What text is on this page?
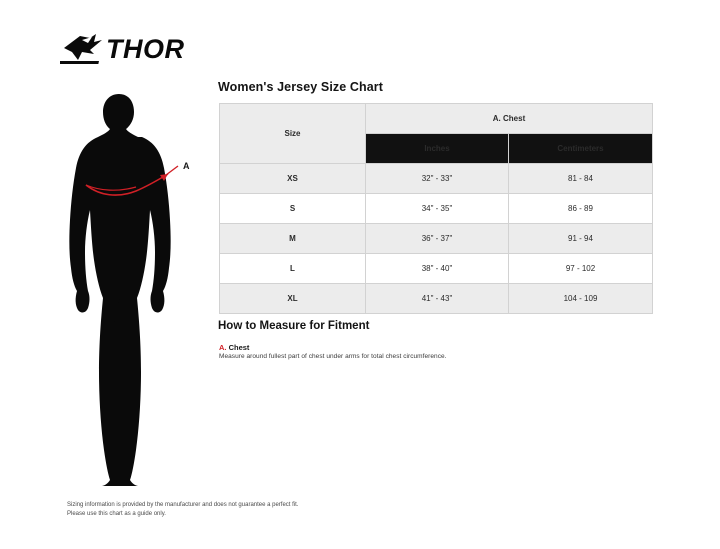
THOR
A
Women's Jersey Size Chart
Size	A. Chest	
	Inches	Centimeters
XS	32" - 33"	81 - 84
S	34" - 35"	86 - 89
M	36" - 37"	91 - 94
L	38" - 40"	97 - 102
XL	41" - 43"	104 - 109
How to Measure for Fitment
A. Chest
Measure around fullest part of chest under arms for total chest circumference.
Sizing information is provided by the manufacturer and does not guarantee a perfect fit.
Please use this chart as a guide only.
